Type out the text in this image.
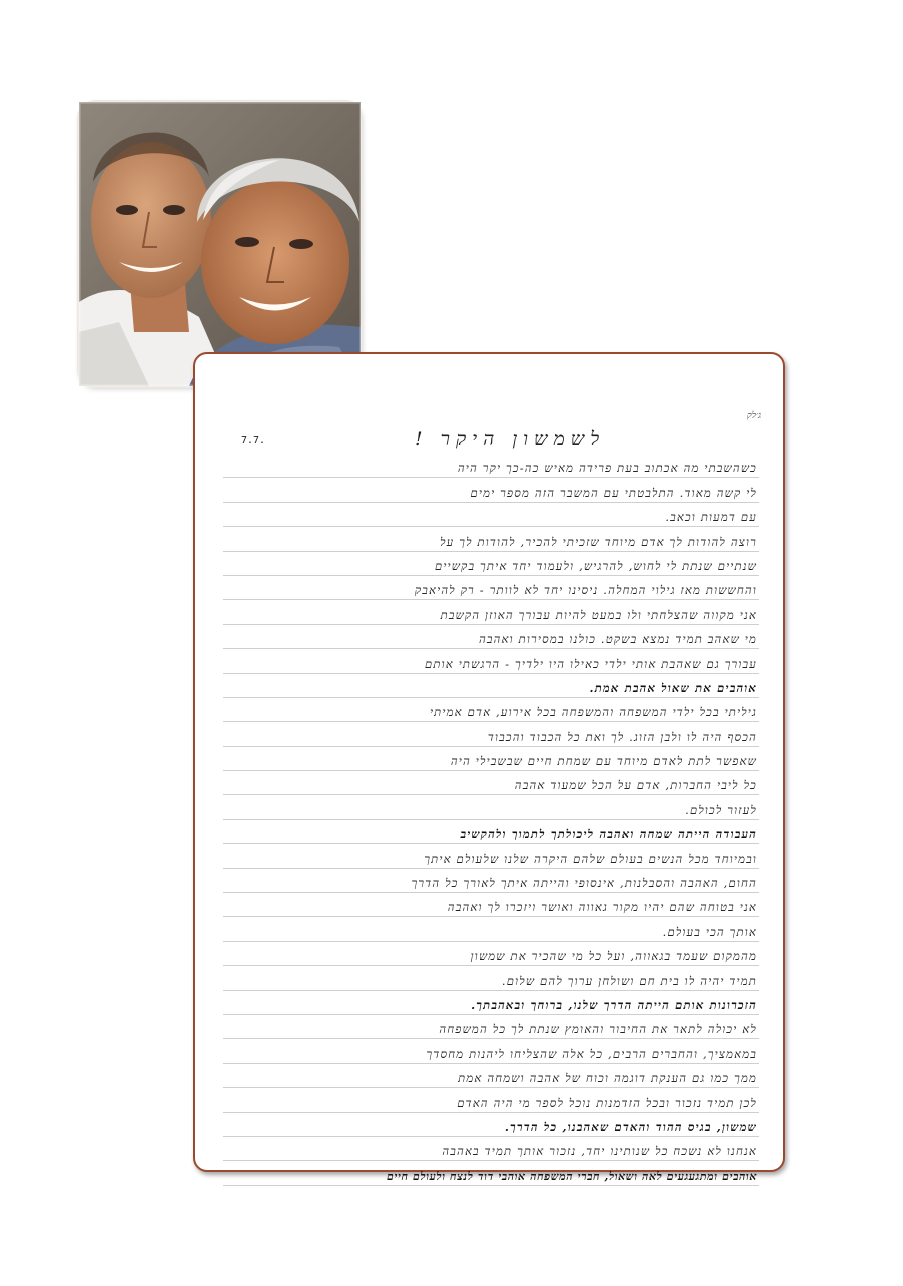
ג׳לק
7.7.	לשמשון היקר !
כשהשבתי מה אכתוב בעת פרידה מאיש כה-כך יקר היה
לי קשה מאוד. התלבטתי עם המשבר הזה מספר ימים
עם דמעות וכאב.
רוצה להודות לך אדם מיוחד שזכיתי להכיר, להודות לך על
שנתיים שנתת לי לחוש, להרגיש, ולעמוד יחד איתך בקשיים
והחששות מאז גילוי המחלה. ניסינו יחד לא לוותר - רק להיאבק
אני מקווה שהצלחתי ולו במעט להיות עבורך האוזן הקשבת
מי שאהב תמיד נמצא בשקט. כולנו במסירות ואהבה
עבורך גם שאהבת אותי ילדי כאילו היו ילדיך - הרגשתי אותם
אוהבים את שאול אהבת אמת.
גיליתי בכל ילדי המשפחה והמשפחה בכל אירוע, אדם אמיתי
הכסף היה לו ולבן הזוג. לך ואת כל הכבוד והכבוד
שאפשר לתת לאדם מיוחד עם שמחת חיים שבשבילי היה
כל ליבי החברות, אדם על הכל שמעוד אהבה
לעזור לכולם.
העבודה הייתה שמחה ואהבה ליכולתך לתמוך ולהקשיב
ובמיוחד מכל הנשים בעולם שלהם היקרה שלנו שלעולם איתך
החום, האהבה והסבלנות, אינסופי והייתה איתך לאורך כל הדרך
אני בטוחה שהם יהיו מקור גאווה ואושר ויזכרו לך ואהבה
אותך הכי בעולם.
מהמקום שעמד בגאווה, ועל כל מי שהכיר את שמשון
תמיד יהיה לו בית חם ושולחן ערוך להם שלום.
הזכרונות אותם הייתה הדרך שלנו, ברוחך ובאהבתך.
לא יכולה לתאר את החיבור והאומץ שנתת לך כל המשפחה
במאמציך, והחברים הרבים, כל אלה שהצליחו ליהנות מחסדך
ממך כמו גם הענקת דוגמה וכוח של אהבה ושמחה אמת
לכן תמיד נזכור ובכל הזדמנות נוכל לספר מי היה האדם
שמשון, בגיס ההוד והאדם שאהבנו, כל הדרך.
אנחנו לא נשכח כל שנותינו יחד, נזכור אותך תמיד באהבה
אוהבים ומתגעגעים לאה ושאול, חברי המשפחה אוהבי דוד לנצח ולעולם חיים
